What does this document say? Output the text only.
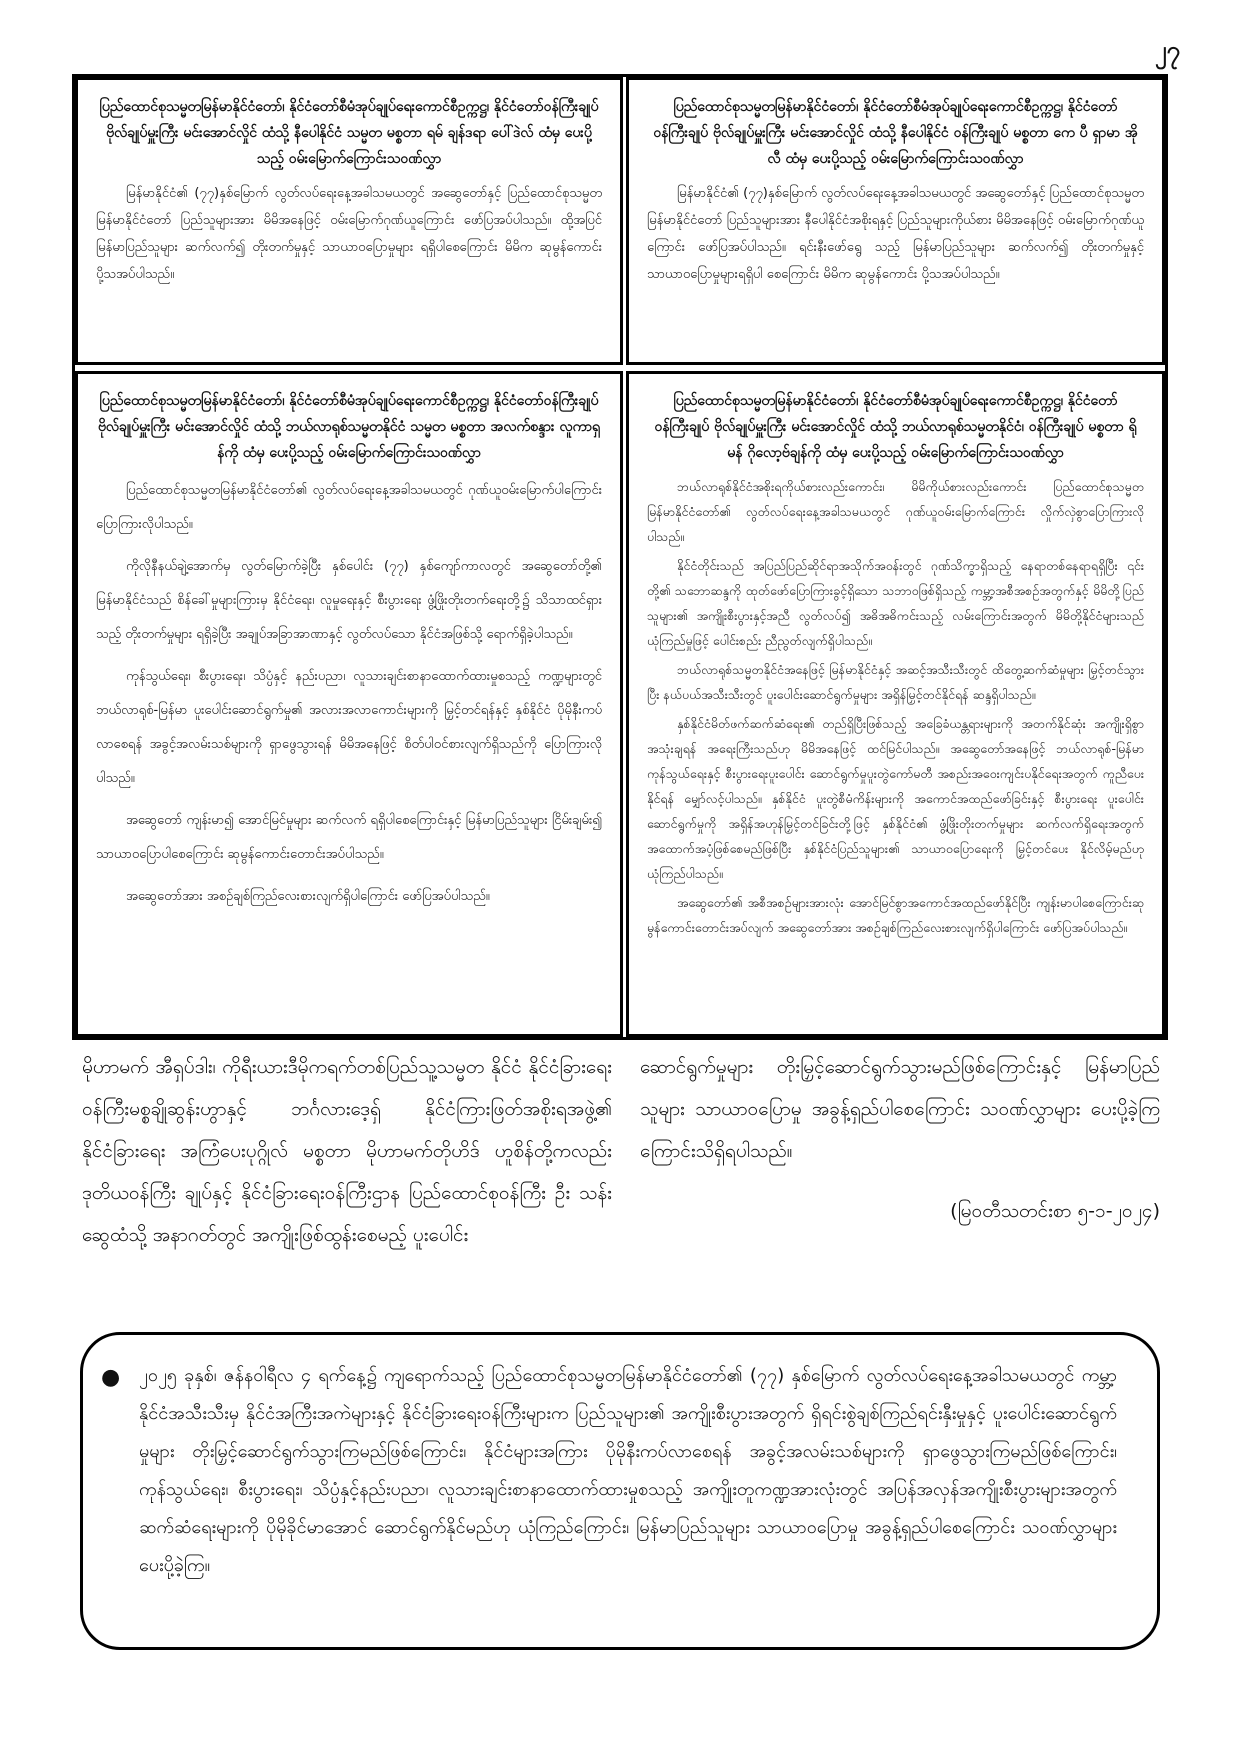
၂၇
ပြည်ထောင်စုသမ္မတမြန်မာနိုင်ငံတော်၊ နိုင်ငံတော်စီမံအုပ်ချုပ်ရေးကောင်စီဥက္ကဋ္ဌ၊ နိုင်ငံတော်ဝန်ကြီးချုပ် ဗိုလ်ချုပ်မှူးကြီး မင်းအောင်လှိုင် ထံသို့ နီပေါနိုင်ငံ သမ္မတ မစ္စတာ ရမ် ချန်ဒရာ ပေါ်ဒဲလ် ထံမှ ပေးပို့သည့် ဝမ်းမြောက်ကြောင်းသဝဏ်လွှာ

မြန်မာနိုင်ငံ၏ (၇၇)နှစ်မြောက် လွတ်လပ်ရေးနေ့အခါသမယတွင် အဆွေတော်နှင့် ပြည်ထောင်စုသမ္မတမြန်မာနိုင်ငံတော် ပြည်သူများအား မိမိအနေဖြင့် ဝမ်းမြောက်ဂုဏ်ယူကြောင်း ဖော်ပြအပ်ပါသည်။ ထို့အပြင် မြန်မာပြည်သူများ ဆက်လက်၍ တိုးတက်မှုနှင့် သာယာဝပြောမှုများ ရရှိပါစေကြောင်း မိမိက ဆုမွန်ကောင်းပို့သအပ်ပါသည်။

ပြည်ထောင်စုသမ္မတမြန်မာနိုင်ငံတော်၊ နိုင်ငံတော်စီမံအုပ်ချုပ်ရေးကောင်စီဥက္ကဋ္ဌ၊ နိုင်ငံတော်ဝန်ကြီးချုပ် ဗိုလ်ချုပ်မှူးကြီး မင်းအောင်လှိုင် ထံသို့ နီပေါနိုင်ငံ ဝန်ကြီးချုပ် မစ္စတာ ကေ ပီ ရှာမာ အိုလီ ထံမှ ပေးပို့သည့် ဝမ်းမြောက်ကြောင်းသဝဏ်လွှာ

မြန်မာနိုင်ငံ၏ (၇၇)နှစ်မြောက် လွတ်လပ်ရေးနေ့အခါသမယတွင် အဆွေတော်နှင့် ပြည်ထောင်စုသမ္မတမြန်မာနိုင်ငံတော် ပြည်သူများအား နီပေါနိုင်ငံအစိုးရနှင့် ပြည်သူများကိုယ်စား မိမိအနေဖြင့် ဝမ်းမြောက်ဂုဏ်ယူကြောင်း ဖော်ပြအပ်ပါသည်။ ရင်းနီးဖော်ရွေ သည့် မြန်မာပြည်သူများ ဆက်လက်၍ တိုးတက်မှုနှင့် သာယာဝပြောမှုများရရှိပါ စေကြောင်း မိမိက ဆုမွန်ကောင်း ပို့သအပ်ပါသည်။

ပြည်ထောင်စုသမ္မတမြန်မာနိုင်ငံတော်၊ နိုင်ငံတော်စီမံအုပ်ချုပ်ရေးကောင်စီဥက္ကဋ္ဌ၊ နိုင်ငံတော်ဝန်ကြီးချုပ် ဗိုလ်ချုပ်မှူးကြီး မင်းအောင်လှိုင် ထံသို့ ဘယ်လာရုစ်သမ္မတနိုင်ငံ သမ္မတ မစ္စတာ အလက်စန္ဒား လူကာရှန်ကို ထံမှ ပေးပို့သည့် ဝမ်းမြောက်ကြောင်းသဝဏ်လွှာ

ပြည်ထောင်စုသမ္မတမြန်မာနိုင်ငံတော်၏ လွတ်လပ်ရေးနေ့အခါသမယတွင် ဂုဏ်ယူဝမ်းမြောက်ပါကြောင်း ပြောကြားလိုပါသည်။

ကိုလိုနီနယ်ချဲ့အောက်မှ လွတ်မြောက်ခဲ့ပြီး နှစ်ပေါင်း (၇၇) နှစ်ကျော်ကာလတွင် အဆွေတော်တို့၏ မြန်မာနိုင်ငံသည် စိန်ခေါ်မှုများကြားမှ နိုင်ငံရေး၊ လူမှုရေးနှင့် စီးပွားရေး ဖွံ့ဖြိုးတိုးတက်ရေးတို့၌ သိသာထင်ရှားသည့် တိုးတက်မှုများ ရရှိခဲ့ပြီး အချုပ်အခြာအာဏာနှင့် လွတ်လပ်သော နိုင်ငံအဖြစ်သို့ ရောက်ရှိခဲ့ပါသည်။

ကုန်သွယ်ရေး၊ စီးပွားရေး၊ သိပ္ပံနှင့် နည်းပညာ၊ လူသားချင်းစာနာထောက်ထားမှုစသည့် ကဏ္ဍများတွင် ဘယ်လာရုစ်-မြန်မာ ပူးပေါင်းဆောင်ရွက်မှု၏ အလားအလာကောင်းများကို မြှင့်တင်ရန်နှင့် နှစ်နိုင်ငံ ပိုမိုနီးကပ်လာစေရန် အခွင့်အလမ်းသစ်များကို ရှာဖွေသွားရန် မိမိအနေဖြင့် စိတ်ပါဝင်စားလျက်ရှိသည်ကို ပြောကြားလိုပါသည်။

အဆွေတော် ကျန်းမာ၍ အောင်မြင်မှုများ ဆက်လက် ရရှိပါစေကြောင်းနှင့် မြန်မာပြည်သူများ ငြိမ်းချမ်း၍ သာယာဝပြောပါစေကြောင်း ဆုမွန်ကောင်းတောင်းအပ်ပါသည်။

အဆွေတော်အား အစဉ်ချစ်ကြည်လေးစားလျက်ရှိပါကြောင်း ဖော်ပြအပ်ပါသည်။

ပြည်ထောင်စုသမ္မတမြန်မာနိုင်ငံတော်၊ နိုင်ငံတော်စီမံအုပ်ချုပ်ရေးကောင်စီဥက္ကဋ္ဌ၊ နိုင်ငံတော်ဝန်ကြီးချုပ် ဗိုလ်ချုပ်မှူးကြီး မင်းအောင်လှိုင် ထံသို့ ဘယ်လာရုစ်သမ္မတနိုင်ငံ၊ ဝန်ကြီးချုပ် မစ္စတာ ရိုမန် ဂိုလော့ဗ်ချန်ကို ထံမှ ပေးပို့သည့် ဝမ်းမြောက်ကြောင်းသဝဏ်လွှာ

ဘယ်လာရုစ်နိုင်ငံအစိုးရကိုယ်စားလည်းကောင်း၊ မိမိကိုယ်စားလည်းကောင်း ပြည်ထောင်စုသမ္မတမြန်မာနိုင်ငံတော်၏ လွတ်လပ်ရေးနေ့အခါသမယတွင် ဂုဏ်ယူဝမ်းမြောက်ကြောင်း လှိုက်လှဲစွာပြောကြားလိုပါသည်။

နိုင်ငံတိုင်းသည် အပြည်ပြည်ဆိုင်ရာအသိုက်အဝန်းတွင် ဂုဏ်သိက္ခာရှိသည့် နေရာတစ်နေရာရရှိပြီး ၎င်းတို့၏ သဘောဆန္ဒကို ထုတ်ဖော်ပြောကြားခွင့်ရှိသော သဘာဝဖြစ်ရှိသည့် ကမ္ဘာ့အစီအစဉ်အတွက်နှင့် မိမိတို့ပြည်သူများ၏ အကျိုးစီးပွားနှင့်အညီ လွတ်လပ်၍ အဓိအဓိကင်းသည့် လမ်းကြောင်းအတွက် မိမိတို့နိုင်ငံများသည် ယုံကြည်မှုဖြင့် ပေါင်းစည်း ညီညွတ်လျက်ရှိပါသည်။

ဘယ်လာရုစ်သမ္မတနိုင်ငံအနေဖြင့် မြန်မာနိုင်ငံနှင့် အဆင့်အသီးသီးတွင် ထိတွေ့ဆက်ဆံမှုများ မြှင့်တင်သွားပြီး နယ်ပယ်အသီးသီးတွင် ပူးပေါင်းဆောင်ရွက်မှုများ အရှိန်မြှင့်တင်နိုင်ရန် ဆန္ဒရှိပါသည်။

နှစ်နိုင်ငံမိတ်ဖက်ဆက်ဆံရေး၏ တည်ရှိပြီးဖြစ်သည့် အခြေခံယန္တရားများကို အတက်နိုင်ဆုံး အကျိုးရှိစွာ အသုံးချရန် အရေးကြီးသည်ဟု မိမိအနေဖြင့် ထင်မြင်ပါသည်။ အဆွေတော်အနေဖြင့် ဘယ်လာရုစ်-မြန်မာကုန်သွယ်ရေးနှင့် စီးပွားရေးပူးပေါင်း ဆောင်ရွက်မှုပူးတွဲကော်မတီ အစည်းအဝေးကျင်းပနိုင်ရေးအတွက် ကူညီပေးနိုင်ရန် မျှော်လင့်ပါသည်။ နှစ်နိုင်ငံ ပူးတွဲစီမံကိန်းများကို အကောင်အထည်ဖော်ခြင်းနှင့် စီးပွားရေး ပူးပေါင်းဆောင်ရွက်မှုကို အရှိန်အဟုန်မြှင့်တင်ခြင်းတို့ဖြင့် နှစ်နိုင်ငံ၏ ဖွံ့ဖြိုးတိုးတက်မှုများ ဆက်လက်ရှိရေးအတွက် အထောက်အပံ့ဖြစ်စေမည်ဖြစ်ပြီး နှစ်နိုင်ငံပြည်သူများ၏ သာယာဝပြောရေးကို မြှင့်တင်ပေး နိုင်လိမ့်မည်ဟု ယုံကြည်ပါသည်။

အဆွေတော်၏ အစီအစဉ်များအားလုံး အောင်မြင်စွာအကောင်အထည်ဖော်နိုင်ပြီး ကျန်းမာပါစေကြောင်းဆုမွန်ကောင်းတောင်းအပ်လျက် အဆွေတော်အား အစဉ်ချစ်ကြည်လေးစားလျက်ရှိပါကြောင်း ဖော်ပြအပ်ပါသည်။

မိုဟာမက် အီရှပ်ဒါး၊ ကိုရီးယားဒီမိုကရက်တစ်ပြည်သူ့သမ္မတ နိုင်ငံ နိုင်ငံခြားရေးဝန်ကြီးမစ္စချိုဆွန်းဟွာနှင့် ဘင်္ဂလားဒေ့ရှ် နိုင်ငံကြားဖြတ်အစိုးရအဖွဲ့၏ နိုင်ငံခြားရေး အကြံပေးပုဂ္ဂိုလ် မစ္စတာ မိုဟာမက်တိုဟိဒ် ဟူစိန်တို့ကလည်း ဒုတိယဝန်ကြီး ချုပ်နှင့် နိုင်ငံခြားရေးဝန်ကြီးဌာန ပြည်ထောင်စုဝန်ကြီး ဦး သန်းဆွေထံသို့ အနာဂတ်တွင် အကျိုးဖြစ်ထွန်းစေမည့် ပူးပေါင်း
ဆောင်ရွက်မှုများ တိုးမြှင့်ဆောင်ရွက်သွားမည်ဖြစ်ကြောင်းနှင့် မြန်မာပြည်သူများ သာယာဝပြောမှု အခွန့်ရှည်ပါစေကြောင်း သဝဏ်လွှာများ ပေးပို့ခဲ့ကြကြောင်းသိရှိရပါသည်။
(မြဝတီသတင်းစာ ၅-၁-၂၀၂၄)
● ၂၀၂၅ ခုနှစ်၊ ဇန်နဝါရီလ ၄ ရက်နေ့၌ ကျရောက်သည့် ပြည်ထောင်စုသမ္မတမြန်မာနိုင်ငံတော်၏ (၇၇) နှစ်မြောက် လွတ်လပ်ရေးနေ့အခါသမယတွင် ကမ္ဘာ့နိုင်ငံအသီးသီးမှ နိုင်ငံအကြီးအကဲများနှင့် နိုင်ငံခြားရေးဝန်ကြီးများက ပြည်သူများ၏ အကျိုးစီးပွားအတွက် ရှိရင်းစွဲချစ်ကြည်ရင်းနှီးမှုနှင့် ပူးပေါင်းဆောင်ရွက်မှုများ တိုးမြှင့်ဆောင်ရွက်သွားကြမည်ဖြစ်ကြောင်း၊ နိုင်ငံများအကြား ပိုမိုနီးကပ်လာစေရန် အခွင့်အလမ်းသစ်များကို ရှာဖွေသွားကြမည်ဖြစ်ကြောင်း၊ ကုန်သွယ်ရေး၊ စီးပွားရေး၊ သိပ္ပံနှင့်နည်းပညာ၊ လူသားချင်းစာနာထောက်ထားမှုစသည့် အကျိုးတူကဏ္ဍအားလုံးတွင် အပြန်အလှန်အကျိုးစီးပွားများအတွက် ဆက်ဆံရေးများကို ပိုမိုခိုင်မာအောင် ဆောင်ရွက်နိုင်မည်ဟု ယုံကြည်ကြောင်း၊ မြန်မာပြည်သူများ သာယာဝပြောမှု အခွန့်ရှည်ပါစေကြောင်း သဝဏ်လွှာများ ပေးပို့ခဲ့ကြ။
